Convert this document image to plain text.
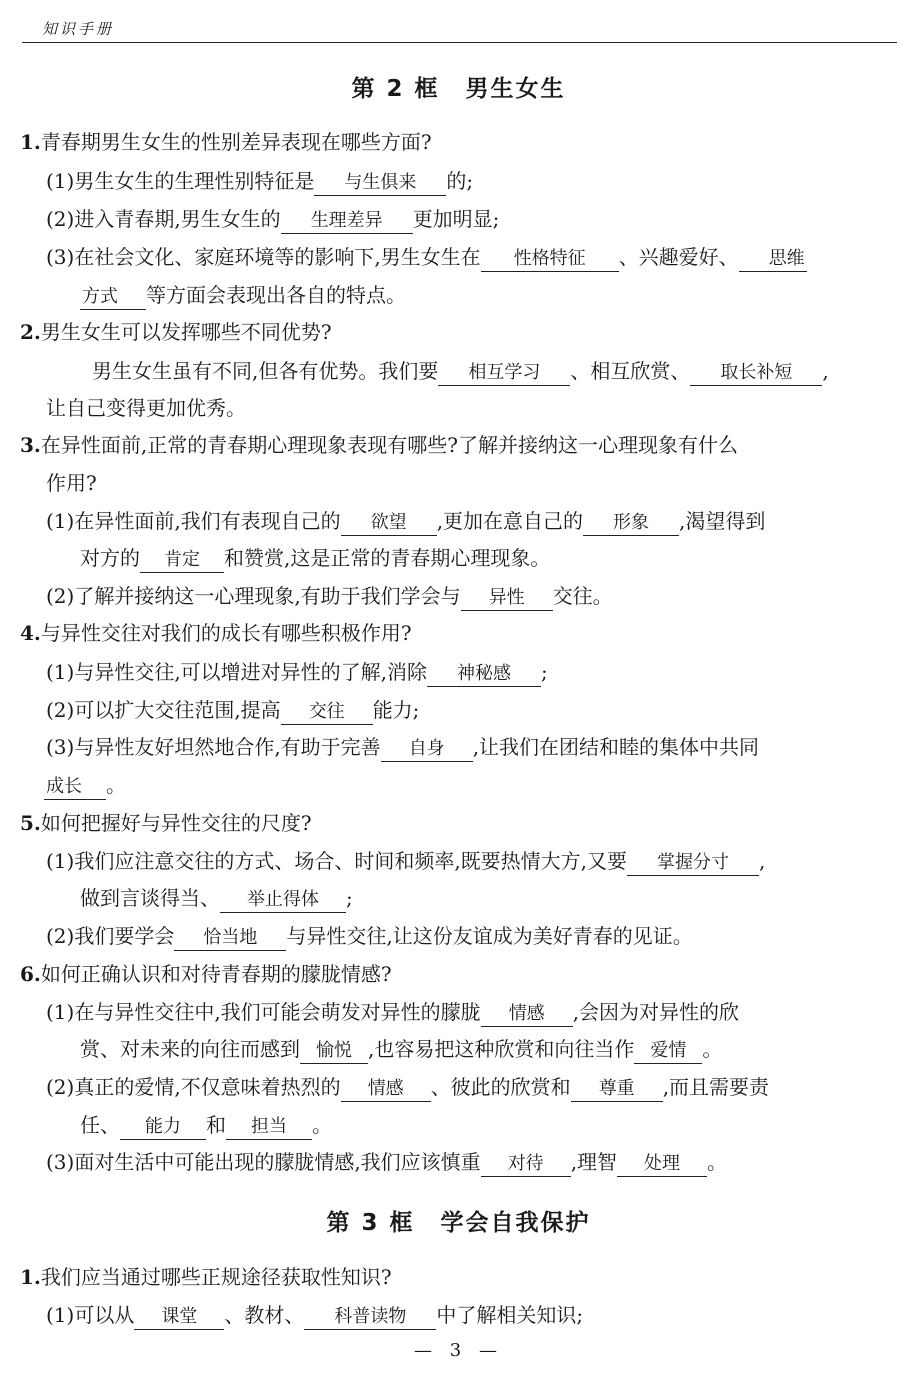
知识手册
第 2 框 男生女生
1.青春期男生女生的性别差异表现在哪些方面?
(1)男生女生的生理性别特征是 与生俱来 的;
(2)进入青春期,男生女生的 生理差异 更加明显;
(3)在社会文化、家庭环境等的影响下,男生女生在 性格特征 、兴趣爱好、 思维
方式 等方面会表现出各自的特点。
2.男生女生可以发挥哪些不同优势?
男生女生虽有不同,但各有优势。我们要 相互学习 、相互欣赏、 取长补短 ,
让自己变得更加优秀。
3.在异性面前,正常的青春期心理现象表现有哪些?了解并接纳这一心理现象有什么
作用?
(1)在异性面前,我们有表现自己的 欲望 ,更加在意自己的 形象 ,渴望得到
对方的 肯定 和赞赏,这是正常的青春期心理现象。
(2)了解并接纳这一心理现象,有助于我们学会与 异性 交往。
4.与异性交往对我们的成长有哪些积极作用?
(1)与异性交往,可以增进对异性的了解,消除 神秘感 ;
(2)可以扩大交往范围,提高 交往 能力;
(3)与异性友好坦然地合作,有助于完善 自身 ,让我们在团结和睦的集体中共同
成长 。
5.如何把握好与异性交往的尺度?
(1)我们应注意交往的方式、场合、时间和频率,既要热情大方,又要 掌握分寸 ,
做到言谈得当、 举止得体 ;
(2)我们要学会 恰当地 与异性交往,让这份友谊成为美好青春的见证。
6.如何正确认识和对待青春期的朦胧情感?
(1)在与异性交往中,我们可能会萌发对异性的朦胧 情感 ,会因为对异性的欣
赏、对未来的向往而感到 愉悦 ,也容易把这种欣赏和向往当作 爱情 。
(2)真正的爱情,不仅意味着热烈的 情感 、彼此的欣赏和 尊重 ,而且需要责
任、 能力 和 担当 。
(3)面对生活中可能出现的朦胧情感,我们应该慎重 对待 ,理智 处理 。
第 3 框 学会自我保护
1.我们应当通过哪些正规途径获取性知识?
(1)可以从 课堂 、教材、 科普读物 中了解相关知识;
— 3 —
